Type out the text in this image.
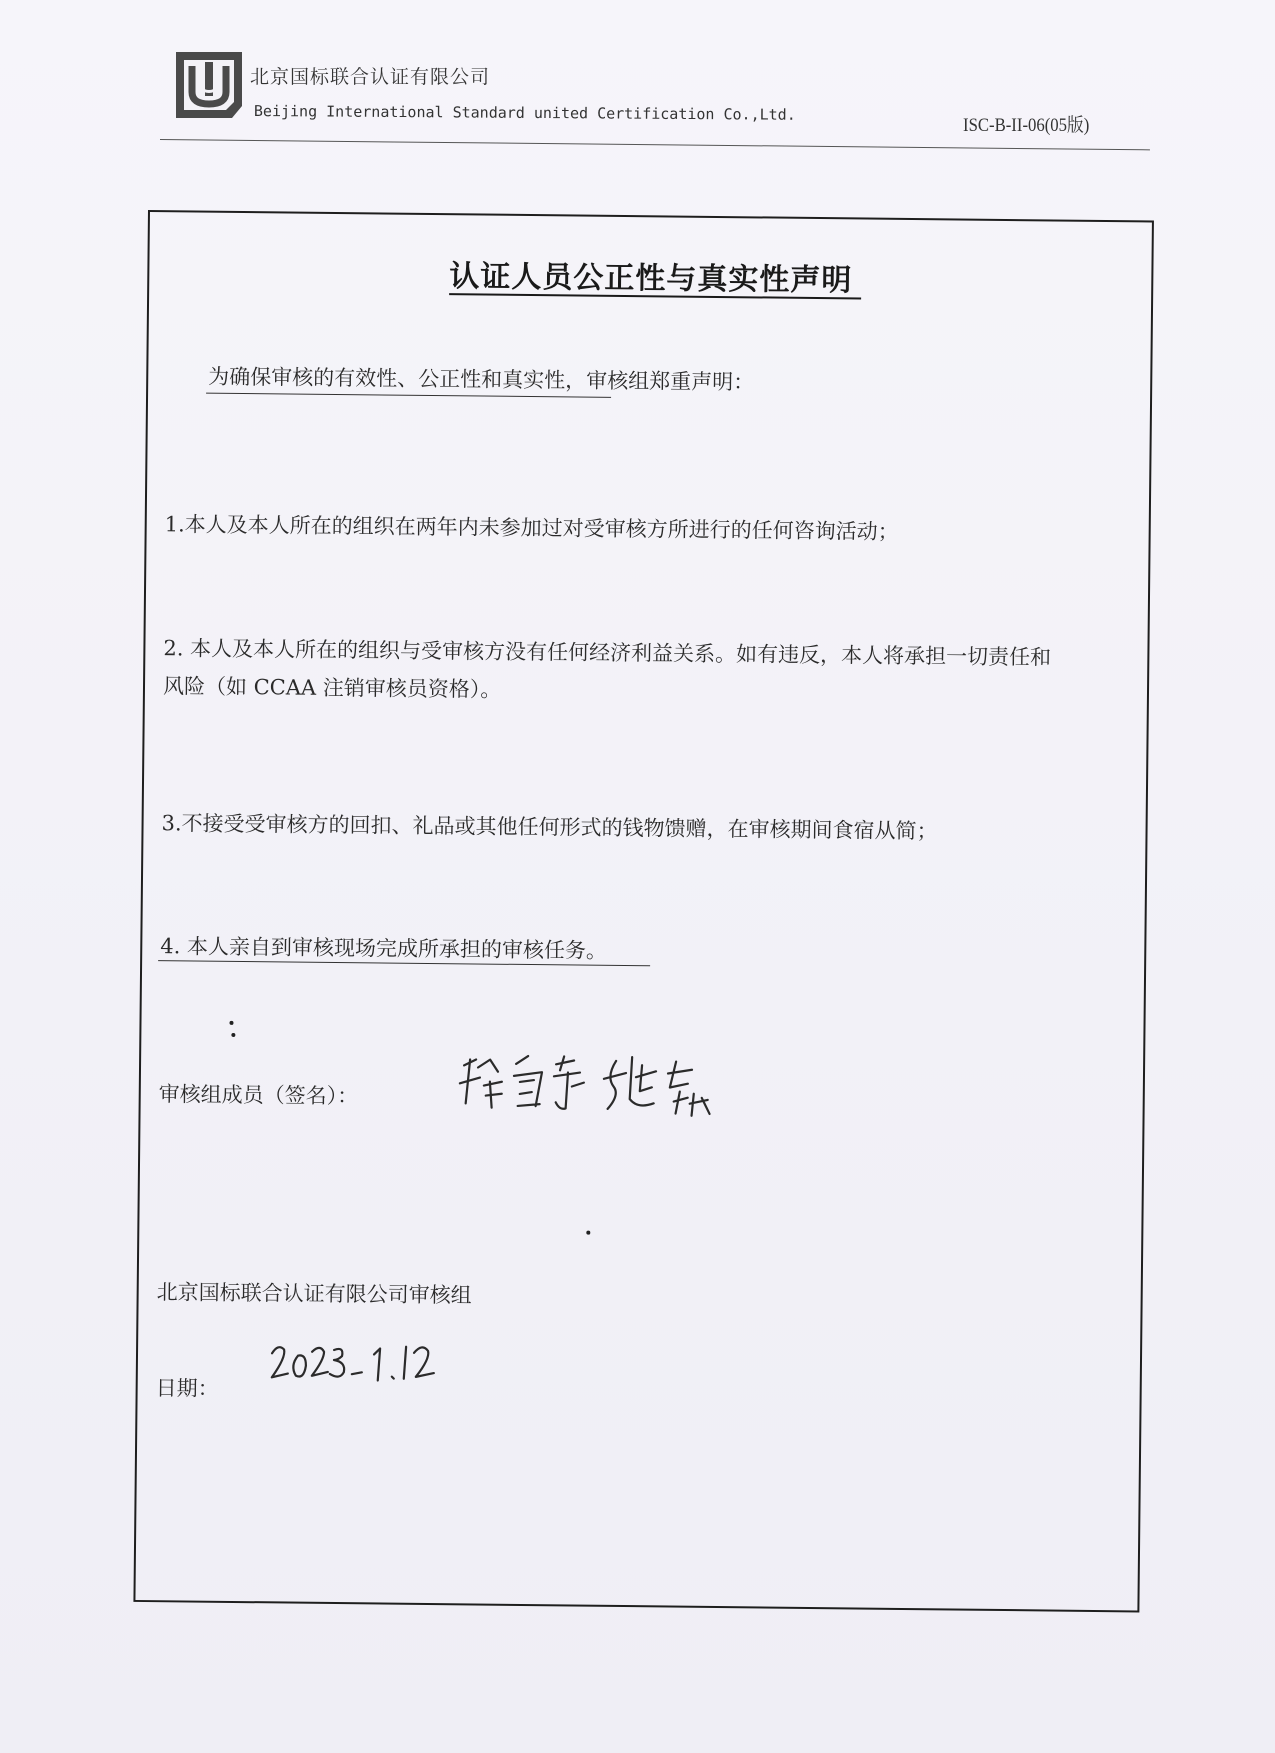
北京国标联合认证有限公司
Beijing International Standard united Certification Co.,Ltd.
ISC-B-II-06(05版)
认证人员公正性与真实性声明
为确保审核的有效性、公正性和真实性，审核组郑重声明：
1.本人及本人所在的组织在两年内未参加过对受审核方所进行的任何咨询活动；
2. 本人及本人所在的组织与受审核方没有任何经济利益关系。如有违反，本人将承担一切责任和
风险（如 CCAA 注销审核员资格）。
3.不接受受审核方的回扣、礼品或其他任何形式的钱物馈赠，在审核期间食宿从简；
4. 本人亲自到审核现场完成所承担的审核任务。
审核组成员（签名）：
北京国标联合认证有限公司审核组
日期：
